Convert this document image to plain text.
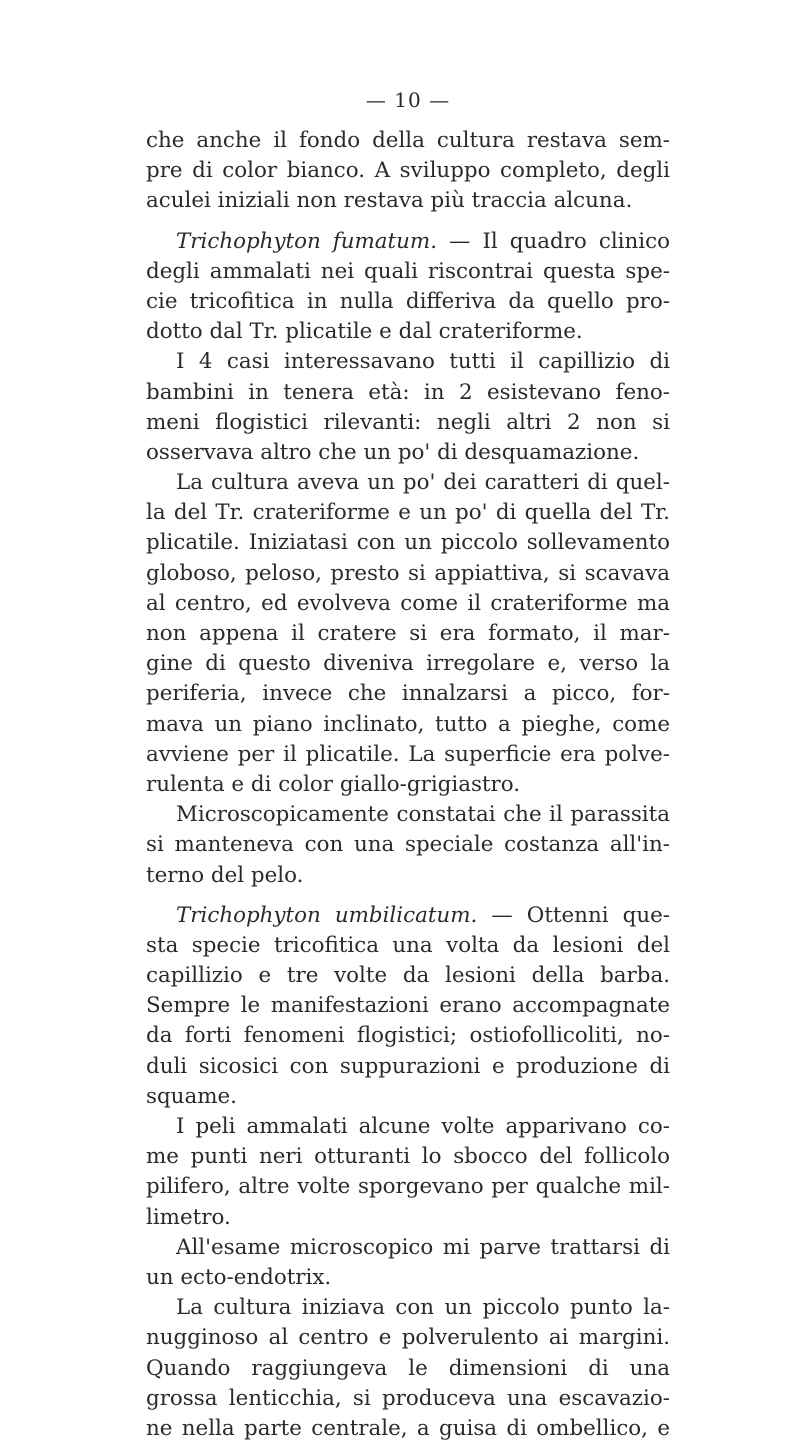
— 10 —
che anche il fondo della cultura restava sem-
pre di color bianco. A sviluppo completo, degli
aculei iniziali non restava più traccia alcuna.
Trichophyton fumatum. — Il quadro clinico
degli ammalati nei quali riscontrai questa spe-
cie tricofitica in nulla differiva da quello pro-
dotto dal Tr. plicatile e dal crateriforme.
I 4 casi interessavano tutti il capillizio di
bambini in tenera età: in 2 esistevano feno-
meni flogistici rilevanti: negli altri 2 non si
osservava altro che un po' di desquamazione.
La cultura aveva un po' dei caratteri di quel-
la del Tr. crateriforme e un po' di quella del Tr.
plicatile. Iniziatasi con un piccolo sollevamento
globoso, peloso, presto si appiattiva, si scavava
al centro, ed evolveva come il crateriforme ma
non appena il cratere si era formato, il mar-
gine di questo diveniva irregolare e, verso la
periferia, invece che innalzarsi a picco, for-
mava un piano inclinato, tutto a pieghe, come
avviene per il plicatile. La superficie era polve-
rulenta e di color giallo-grigiastro.
Microscopicamente constatai che il parassita
si manteneva con una speciale costanza all'in-
terno del pelo.
Trichophyton umbilicatum. — Ottenni que-
sta specie tricofitica una volta da lesioni del
capillizio e tre volte da lesioni della barba.
Sempre le manifestazioni erano accompagnate
da forti fenomeni flogistici; ostiofollicoliti, no-
duli sicosici con suppurazioni e produzione di
squame.
I peli ammalati alcune volte apparivano co-
me punti neri otturanti lo sbocco del follicolo
pilifero, altre volte sporgevano per qualche mil-
limetro.
All'esame microscopico mi parve trattarsi di
un ecto-endotrix.
La cultura iniziava con un piccolo punto la-
nugginoso al centro e polverulento ai margini.
Quando raggiungeva le dimensioni di una
grossa lenticchia, si produceva una escavazio-
ne nella parte centrale, a guisa di ombellico, e
